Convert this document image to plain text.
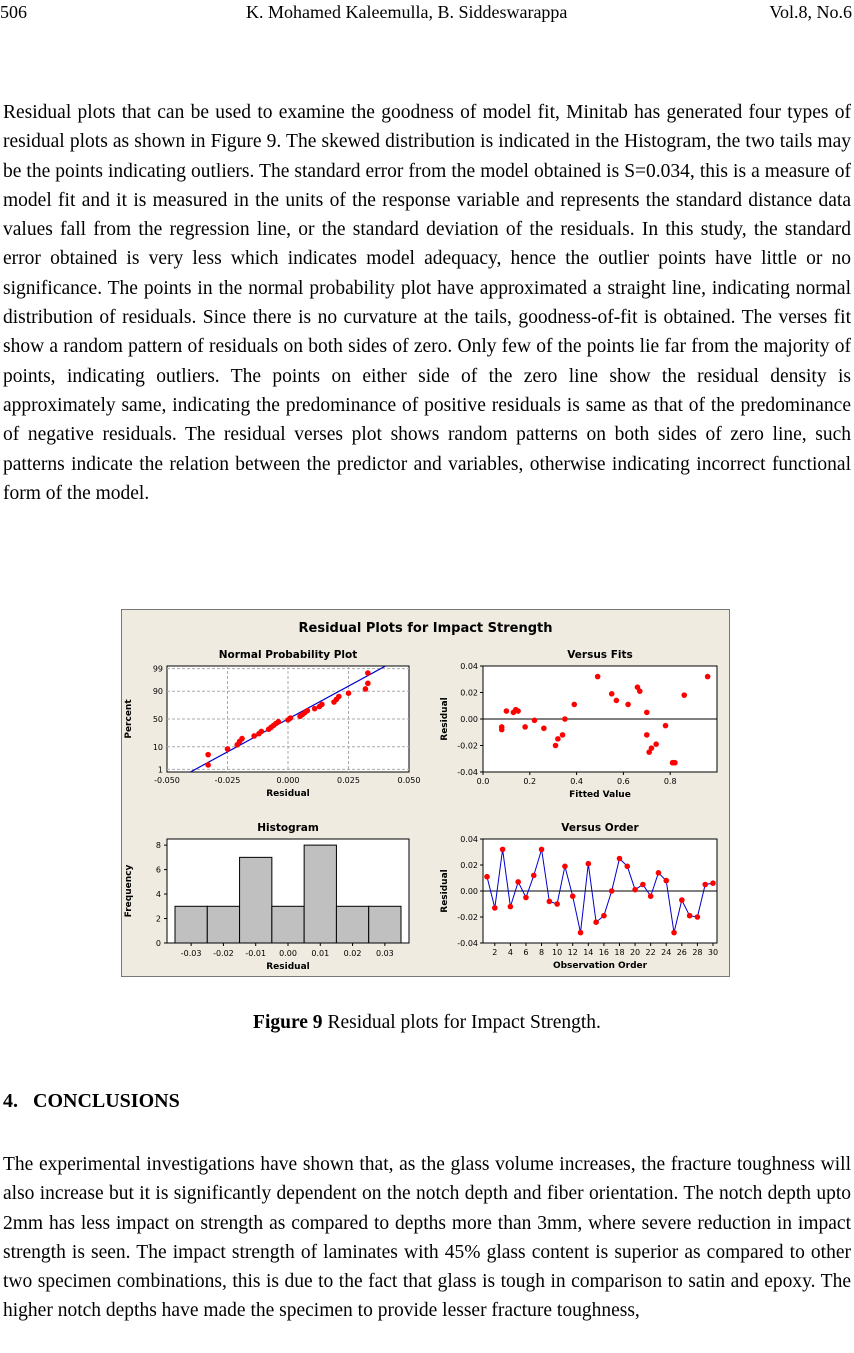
506	K. Mohamed Kaleemulla, B. Siddeswarappa	Vol.8, No.6

Residual plots that can be used to examine the goodness of model fit, Minitab has generated four types of residual plots as shown in Figure 9. The skewed distribution is indicated in the Histogram, the two tails may be the points indicating outliers. The standard error from the model obtained is S=0.034, this is a measure of model fit and it is measured in the units of the response variable and represents the standard distance data values fall from the regression line, or the standard deviation of the residuals. In this study, the standard error obtained is very less which indicates model adequacy, hence the outlier points have little or no significance. The points in the normal probability plot have approximated a straight line, indicating normal distribution of residuals. Since there is no curvature at the tails, goodness-of-fit is obtained. The verses fit show a random pattern of residuals on both sides of zero. Only few of the points lie far from the majority of points, indicating outliers. The points on either side of the zero line show the residual density is approximately same, indicating the predominance of positive residuals is same as that of the predominance of negative residuals. The residual verses plot shows random patterns on both sides of zero line, such patterns indicate the relation between the predictor and variables, otherwise indicating incorrect functional form of the model.

Residual Plots for Impact Strength
-0.050	-0.025	0.000	0.025	0.050
1
10
50
90
99
Normal Probability Plot
Residual
Percent
0.0	0.2	0.4	0.6	0.8
-0.04
-0.02
0.00
0.02
0.04
Versus Fits
Fitted Value
Residual
0
2
4
6
8
-0.03 -0.02 -0.01 0.00 0.01 0.02 0.03
Histogram
Residual
Frequency
2 4 6 8 10 12 14 16 18 20 22 24 26 28 30
-0.04
-0.02
0.00
0.02
0.04
Versus Order
Observation Order
Residual
Figure 9 Residual plots for Impact Strength.
4.   CONCLUSIONS

The experimental investigations have shown that, as the glass volume increases, the fracture toughness will also increase but it is significantly dependent on the notch depth and fiber orientation. The notch depth upto 2mm has less impact on strength as compared to depths more than 3mm, where severe reduction in impact strength is seen. The impact strength of laminates with 45% glass content is superior as compared to other two specimen combinations, this is due to the fact that glass is tough in comparison to satin and epoxy. The higher notch depths have made the specimen to provide lesser fracture toughness,
